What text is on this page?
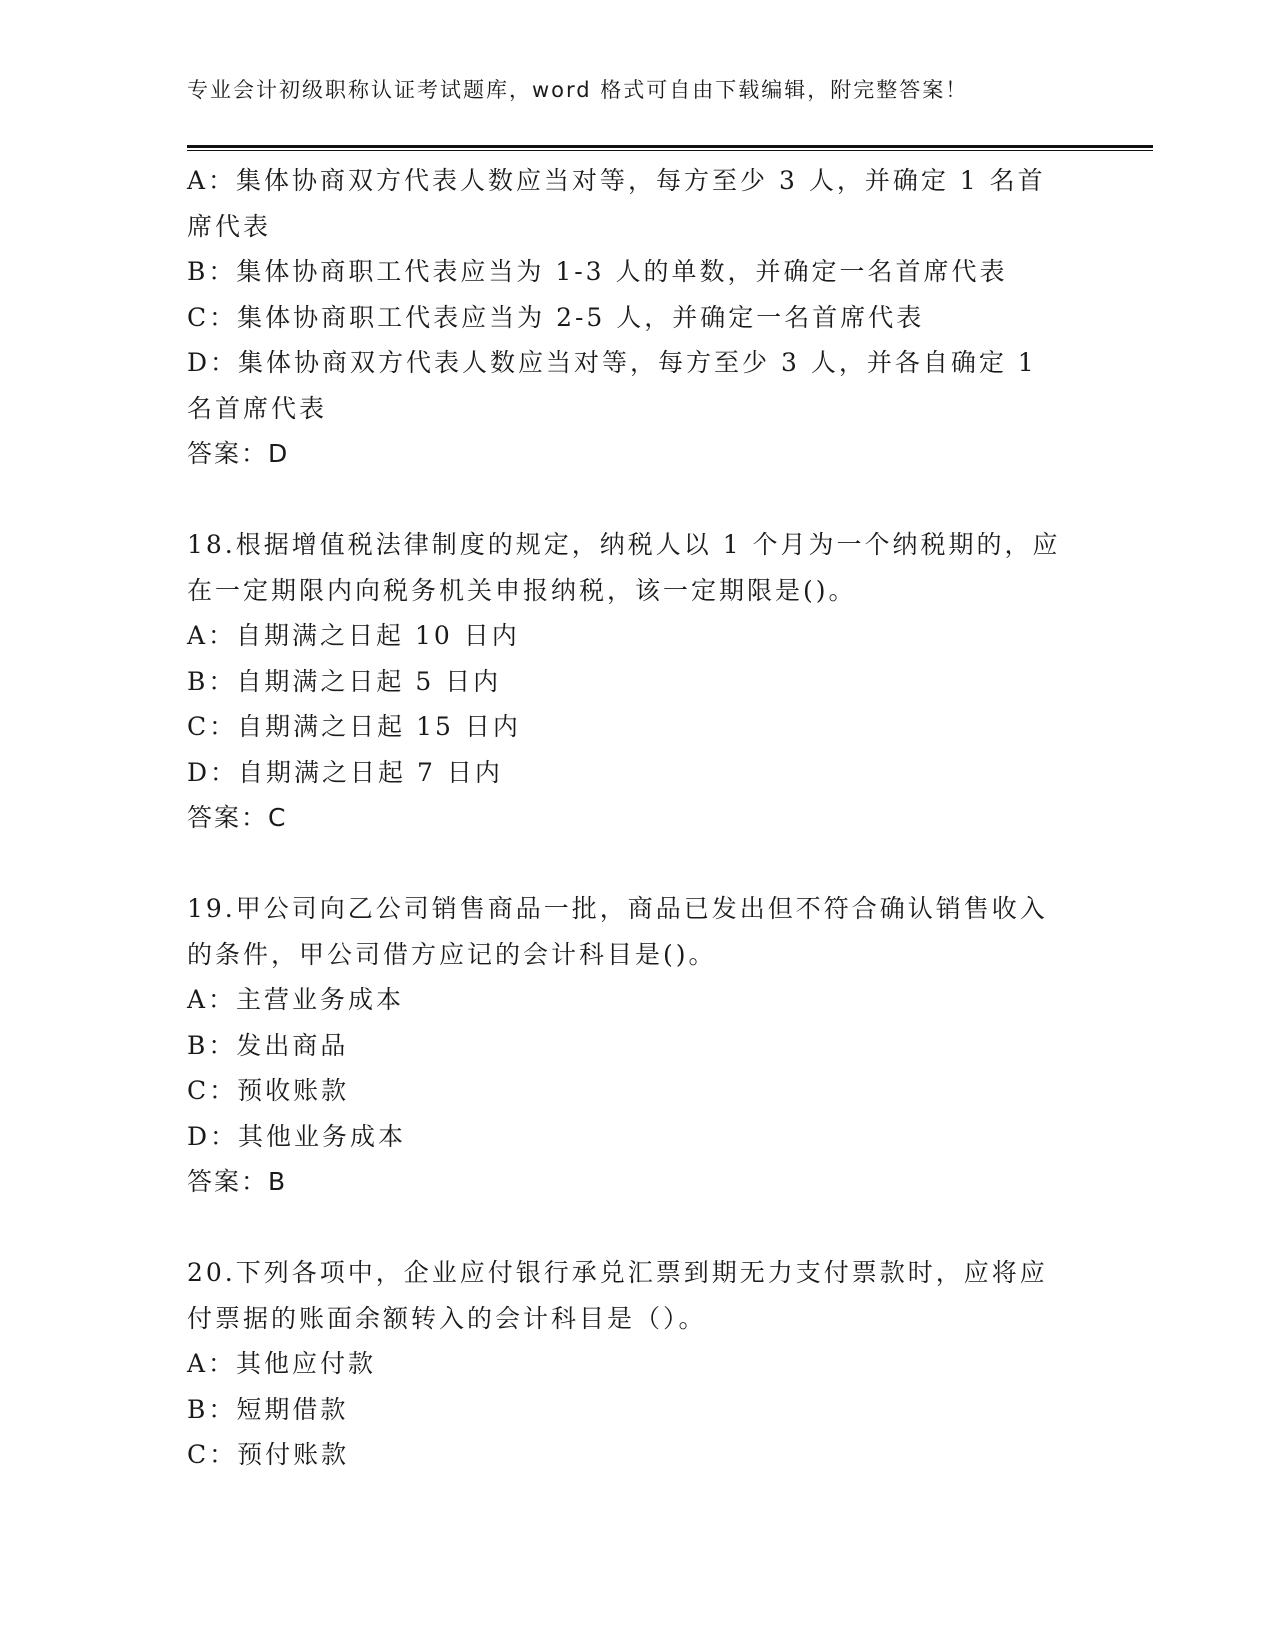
专业会计初级职称认证考试题库，word 格式可自由下载编辑，附完整答案！
A：集体协商双方代表人数应当对等，每方至少 3 人，并确定 1 名首
席代表
B：集体协商职工代表应当为 1-3 人的单数，并确定一名首席代表
C：集体协商职工代表应当为 2-5 人，并确定一名首席代表
D：集体协商双方代表人数应当对等，每方至少 3 人，并各自确定 1
名首席代表
答案：D
18.根据增值税法律制度的规定，纳税人以 1 个月为一个纳税期的，应
在一定期限内向税务机关申报纳税，该一定期限是()。
A：自期满之日起 10 日内
B：自期满之日起 5 日内
C：自期满之日起 15 日内
D：自期满之日起 7 日内
答案：C
19.甲公司向乙公司销售商品一批，商品已发出但不符合确认销售收入
的条件，甲公司借方应记的会计科目是()。
A：主营业务成本
B：发出商品
C：预收账款
D：其他业务成本
答案：B
20.下列各项中，企业应付银行承兑汇票到期无力支付票款时，应将应
付票据的账面余额转入的会计科目是（）。
A：其他应付款
B：短期借款
C：预付账款
